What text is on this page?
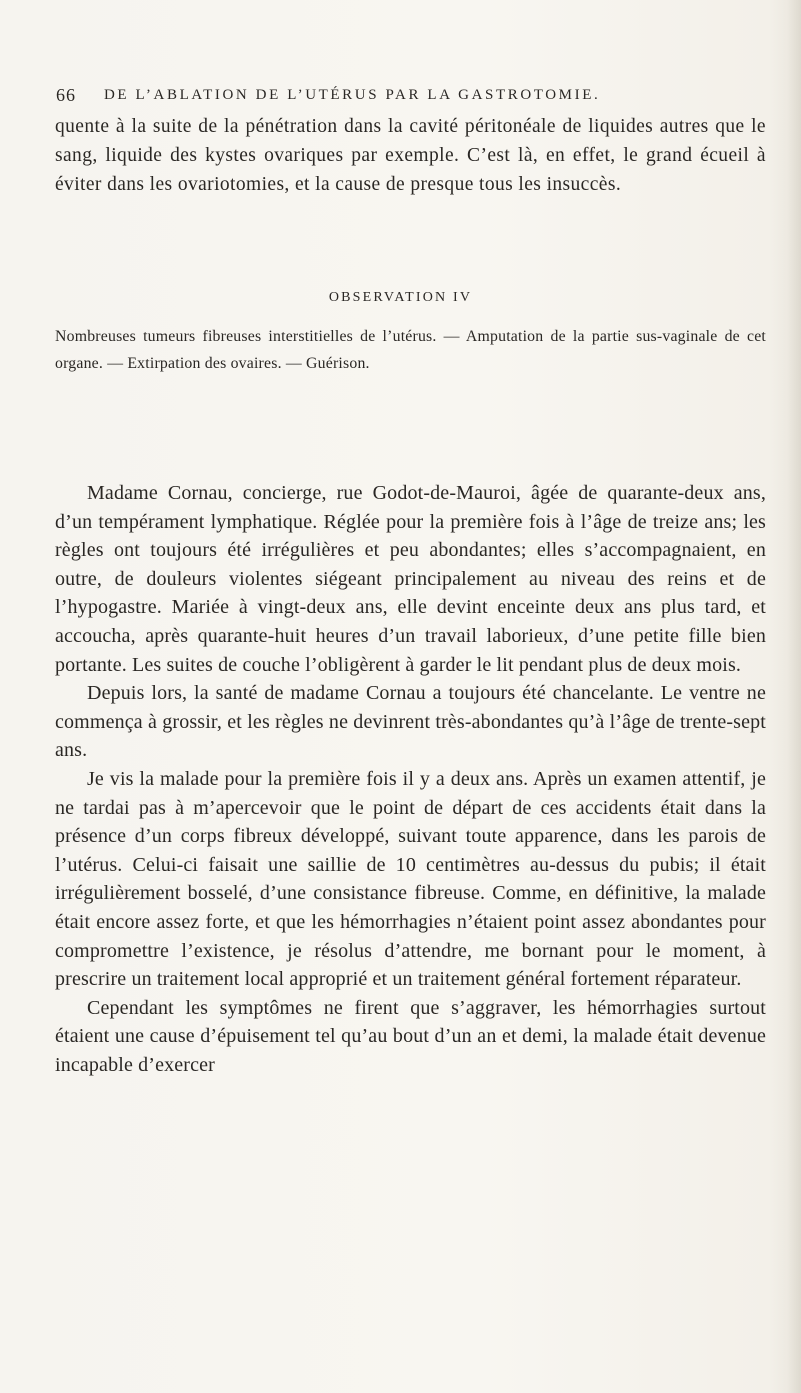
66 DE L’ABLATION DE L’UTÉRUS PAR LA GASTROTOMIE.

quente à la suite de la pénétration dans la cavité péritonéale de liquides autres que le sang, liquide des kystes ovariques par exemple. C’est là, en effet, le grand écueil à éviter dans les ovariotomies, et la cause de presque tous les insuccès.

OBSERVATION IV

Nombreuses tumeurs fibreuses interstitielles de l’utérus. — Amputation de la partie sus-vaginale de cet organe. — Extirpation des ovaires. — Guérison.

Madame Cornau, concierge, rue Godot-de-Mauroi, âgée de quarante-deux ans, d’un tempérament lymphatique. Réglée pour la première fois à l’âge de treize ans; les règles ont toujours été irrégulières et peu abondantes; elles s’accompagnaient, en outre, de douleurs violentes siégeant principalement au niveau des reins et de l’hypogastre. Mariée à vingt-deux ans, elle devint enceinte deux ans plus tard, et accoucha, après quarante-huit heures d’un travail laborieux, d’une petite fille bien portante. Les suites de couche l’obligèrent à garder le lit pendant plus de deux mois.

Depuis lors, la santé de madame Cornau a toujours été chancelante. Le ventre ne commença à grossir, et les règles ne devinrent très-abondantes qu’à l’âge de trente-sept ans.

Je vis la malade pour la première fois il y a deux ans. Après un examen attentif, je ne tardai pas à m’apercevoir que le point de départ de ces accidents était dans la présence d’un corps fibreux développé, suivant toute apparence, dans les parois de l’utérus. Celui-ci faisait une saillie de 10 centimètres au-dessus du pubis; il était irrégulièrement bosselé, d’une consistance fibreuse. Comme, en définitive, la malade était encore assez forte, et que les hémorrhagies n’étaient point assez abondantes pour compromettre l’existence, je résolus d’attendre, me bornant pour le moment, à prescrire un traitement local approprié et un traitement général fortement réparateur.

Cependant les symptômes ne firent que s’aggraver, les hémorrhagies surtout étaient une cause d’épuisement tel qu’au bout d’un an et demi, la malade était devenue incapable d’exercer
